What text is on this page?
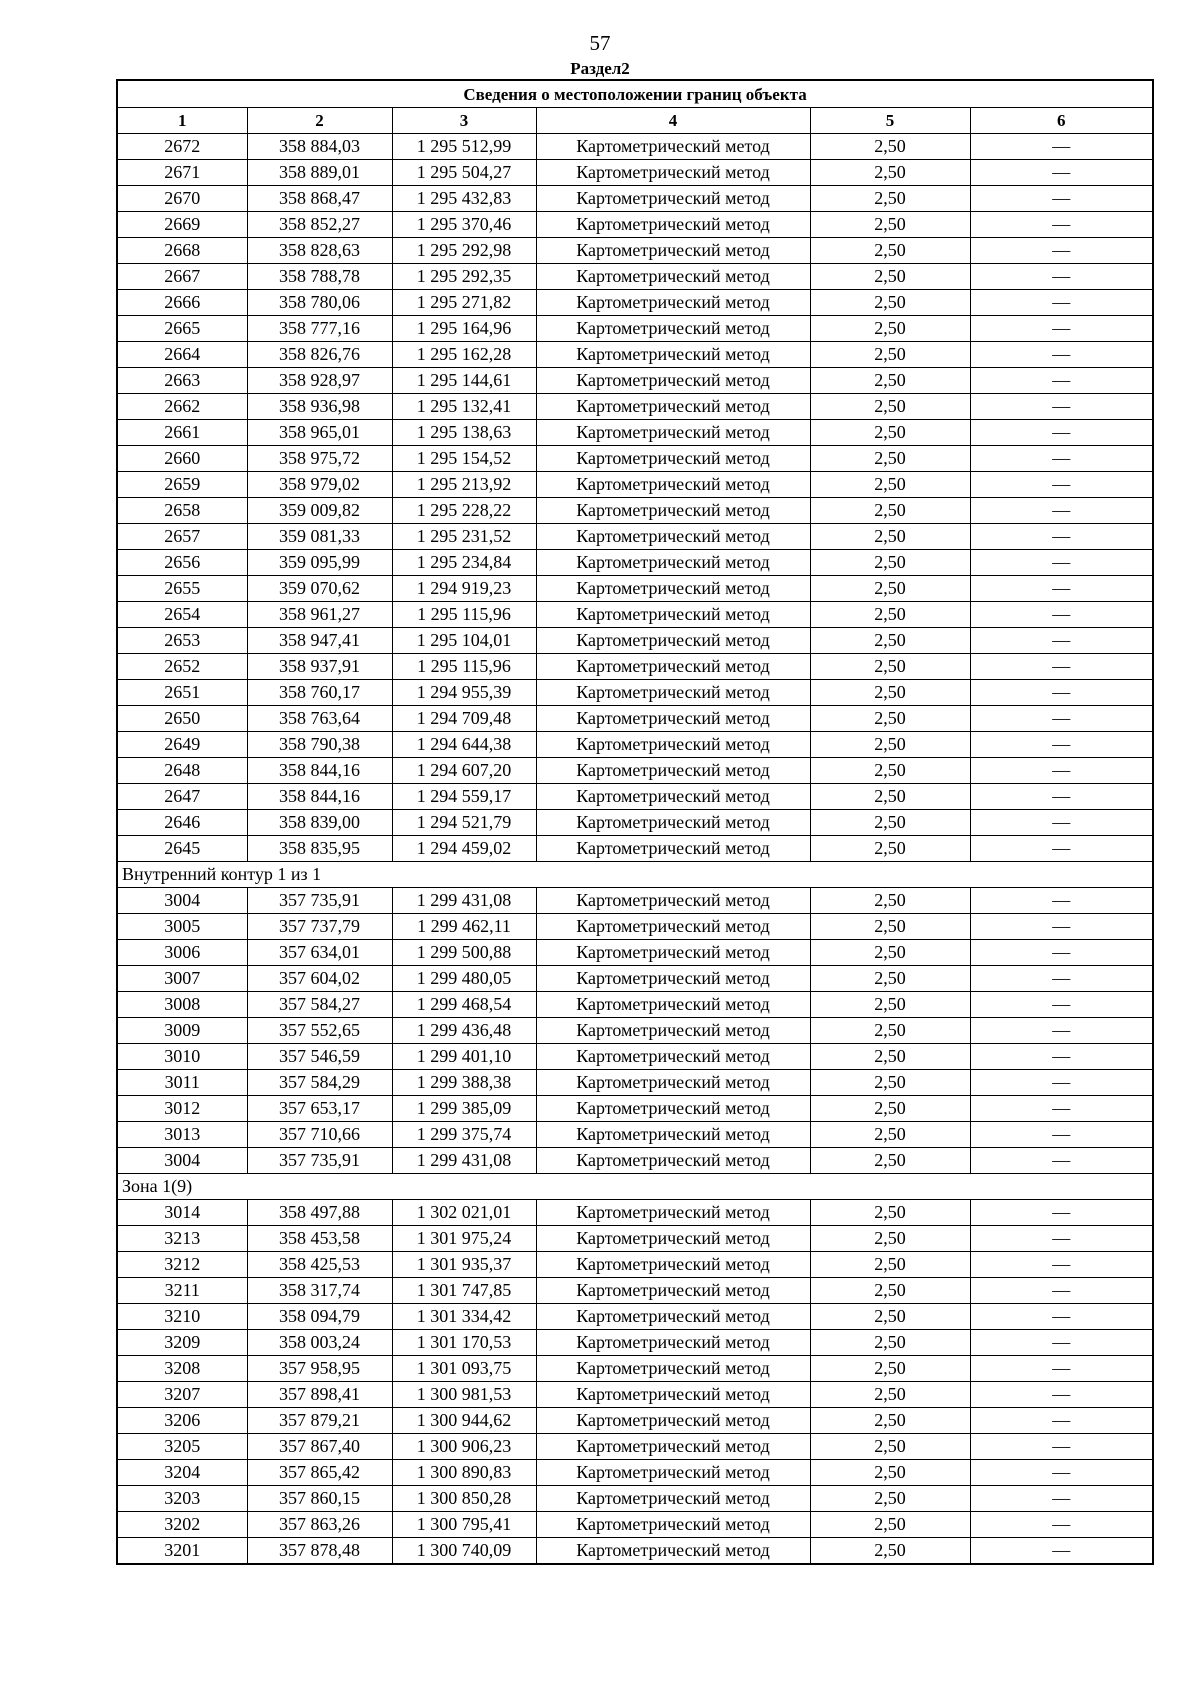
57
Раздел2
Сведения о местоположении границ объекта					
1	2	3	4	5	6
2672	358 884,03	1 295 512,99	Картометрический метод	2,50	—
2671	358 889,01	1 295 504,27	Картометрический метод	2,50	—
2670	358 868,47	1 295 432,83	Картометрический метод	2,50	—
2669	358 852,27	1 295 370,46	Картометрический метод	2,50	—
2668	358 828,63	1 295 292,98	Картометрический метод	2,50	—
2667	358 788,78	1 295 292,35	Картометрический метод	2,50	—
2666	358 780,06	1 295 271,82	Картометрический метод	2,50	—
2665	358 777,16	1 295 164,96	Картометрический метод	2,50	—
2664	358 826,76	1 295 162,28	Картометрический метод	2,50	—
2663	358 928,97	1 295 144,61	Картометрический метод	2,50	—
2662	358 936,98	1 295 132,41	Картометрический метод	2,50	—
2661	358 965,01	1 295 138,63	Картометрический метод	2,50	—
2660	358 975,72	1 295 154,52	Картометрический метод	2,50	—
2659	358 979,02	1 295 213,92	Картометрический метод	2,50	—
2658	359 009,82	1 295 228,22	Картометрический метод	2,50	—
2657	359 081,33	1 295 231,52	Картометрический метод	2,50	—
2656	359 095,99	1 295 234,84	Картометрический метод	2,50	—
2655	359 070,62	1 294 919,23	Картометрический метод	2,50	—
2654	358 961,27	1 295 115,96	Картометрический метод	2,50	—
2653	358 947,41	1 295 104,01	Картометрический метод	2,50	—
2652	358 937,91	1 295 115,96	Картометрический метод	2,50	—
2651	358 760,17	1 294 955,39	Картометрический метод	2,50	—
2650	358 763,64	1 294 709,48	Картометрический метод	2,50	—
2649	358 790,38	1 294 644,38	Картометрический метод	2,50	—
2648	358 844,16	1 294 607,20	Картометрический метод	2,50	—
2647	358 844,16	1 294 559,17	Картометрический метод	2,50	—
2646	358 839,00	1 294 521,79	Картометрический метод	2,50	—
2645	358 835,95	1 294 459,02	Картометрический метод	2,50	—
Внутренний контур 1 из 1					
3004	357 735,91	1 299 431,08	Картометрический метод	2,50	—
3005	357 737,79	1 299 462,11	Картометрический метод	2,50	—
3006	357 634,01	1 299 500,88	Картометрический метод	2,50	—
3007	357 604,02	1 299 480,05	Картометрический метод	2,50	—
3008	357 584,27	1 299 468,54	Картометрический метод	2,50	—
3009	357 552,65	1 299 436,48	Картометрический метод	2,50	—
3010	357 546,59	1 299 401,10	Картометрический метод	2,50	—
3011	357 584,29	1 299 388,38	Картометрический метод	2,50	—
3012	357 653,17	1 299 385,09	Картометрический метод	2,50	—
3013	357 710,66	1 299 375,74	Картометрический метод	2,50	—
3004	357 735,91	1 299 431,08	Картометрический метод	2,50	—
Зона 1(9)					
3014	358 497,88	1 302 021,01	Картометрический метод	2,50	—
3213	358 453,58	1 301 975,24	Картометрический метод	2,50	—
3212	358 425,53	1 301 935,37	Картометрический метод	2,50	—
3211	358 317,74	1 301 747,85	Картометрический метод	2,50	—
3210	358 094,79	1 301 334,42	Картометрический метод	2,50	—
3209	358 003,24	1 301 170,53	Картометрический метод	2,50	—
3208	357 958,95	1 301 093,75	Картометрический метод	2,50	—
3207	357 898,41	1 300 981,53	Картометрический метод	2,50	—
3206	357 879,21	1 300 944,62	Картометрический метод	2,50	—
3205	357 867,40	1 300 906,23	Картометрический метод	2,50	—
3204	357 865,42	1 300 890,83	Картометрический метод	2,50	—
3203	357 860,15	1 300 850,28	Картометрический метод	2,50	—
3202	357 863,26	1 300 795,41	Картометрический метод	2,50	—
3201	357 878,48	1 300 740,09	Картометрический метод	2,50	—
